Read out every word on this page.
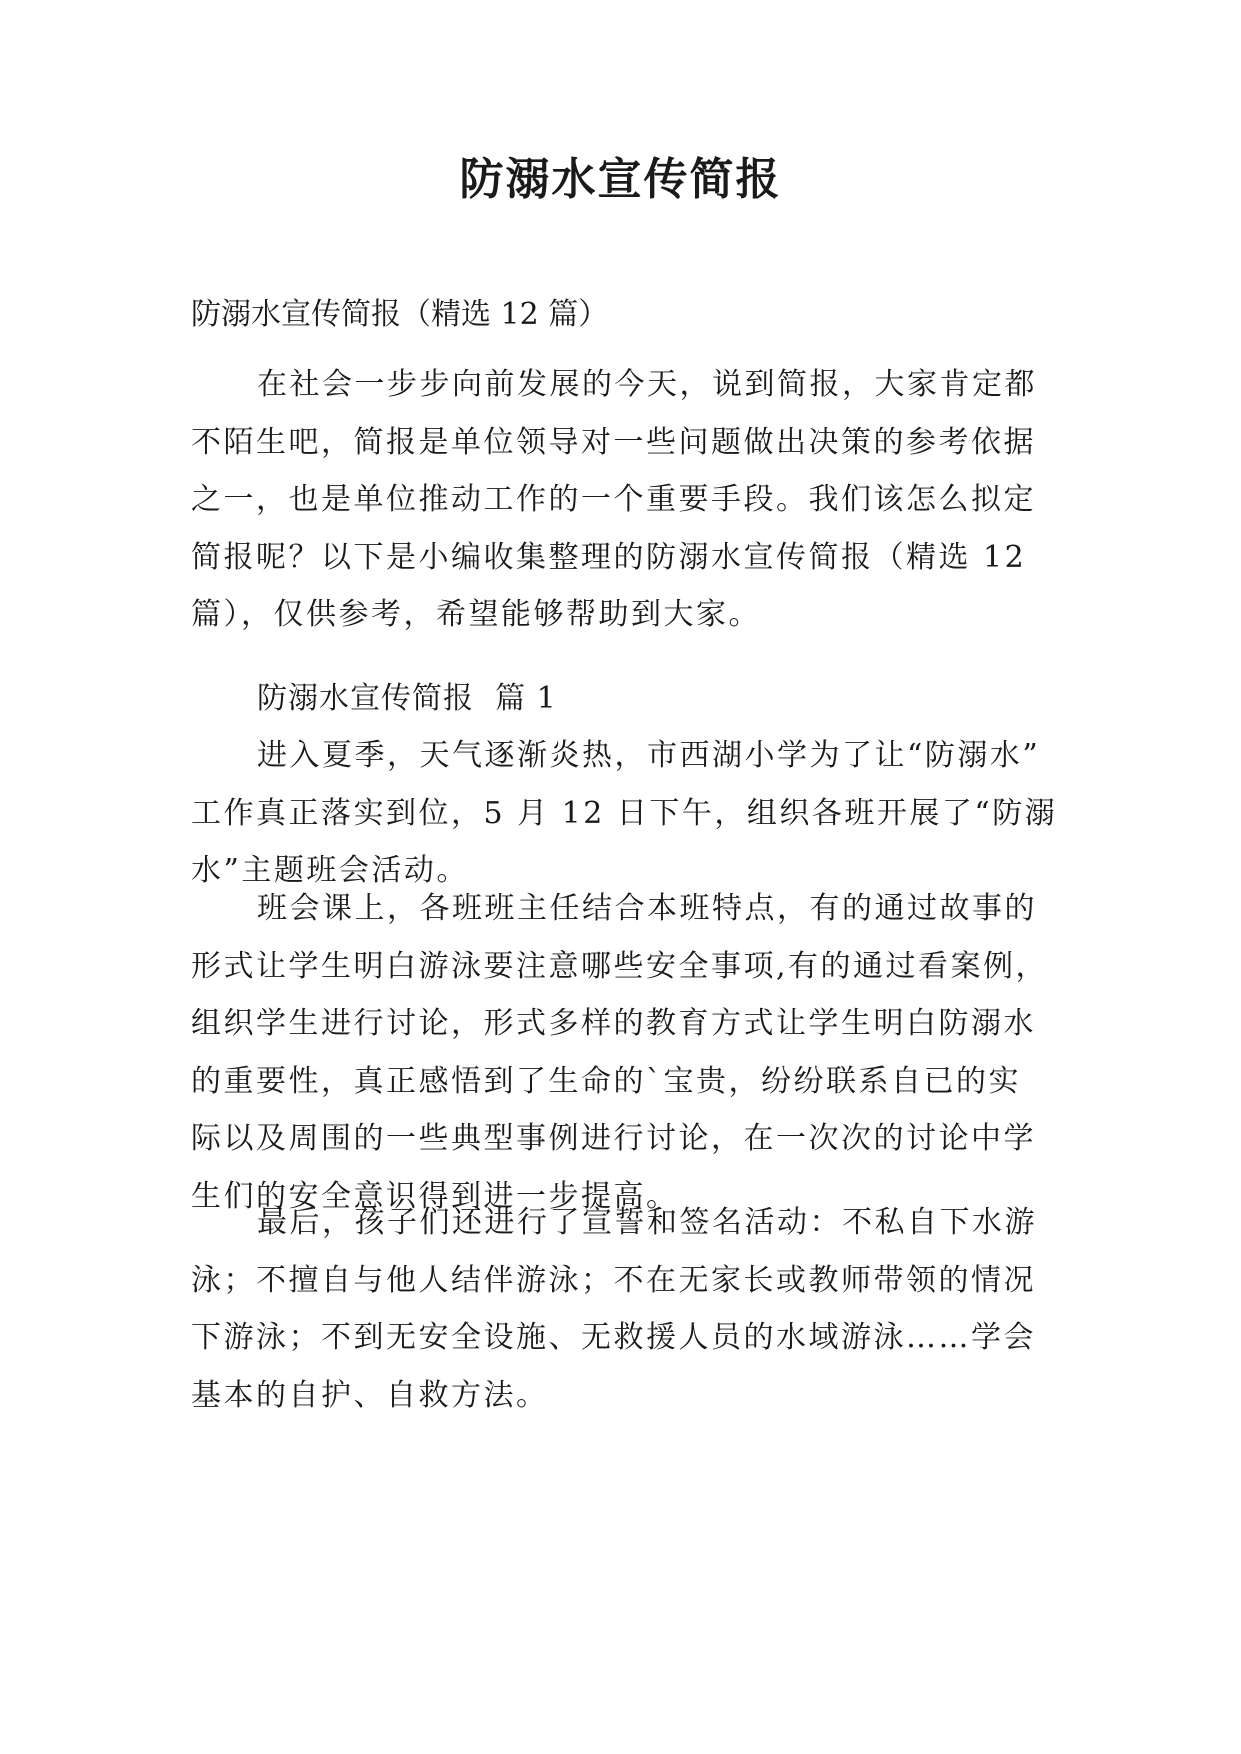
防溺水宣传简报
防溺水宣传简报（精选 12 篇）
在社会一步步向前发展的今天，说到简报，大家肯定都
不陌生吧，简报是单位领导对一些问题做出决策的参考依据
之一，也是单位推动工作的一个重要手段。我们该怎么拟定
简报呢？以下是小编收集整理的防溺水宣传简报（精选 12
篇），仅供参考，希望能够帮助到大家。
防溺水宣传简报  篇 1
进入夏季，天气逐渐炎热，市西湖小学为了让“防溺水”
工作真正落实到位，5 月 12 日下午，组织各班开展了“防溺
水”主题班会活动。
班会课上，各班班主任结合本班特点，有的通过故事的
形式让学生明白游泳要注意哪些安全事项,有的通过看案例，
组织学生进行讨论，形式多样的教育方式让学生明白防溺水
的重要性，真正感悟到了生命的`宝贵，纷纷联系自已的实
际以及周围的一些典型事例进行讨论，在一次次的讨论中学
生们的安全意识得到进一步提高。
最后，孩子们还进行了宣誓和签名活动：不私自下水游
泳；不擅自与他人结伴游泳；不在无家长或教师带领的情况
下游泳；不到无安全设施、无救援人员的水域游泳……学会
基本的自护、自救方法。
